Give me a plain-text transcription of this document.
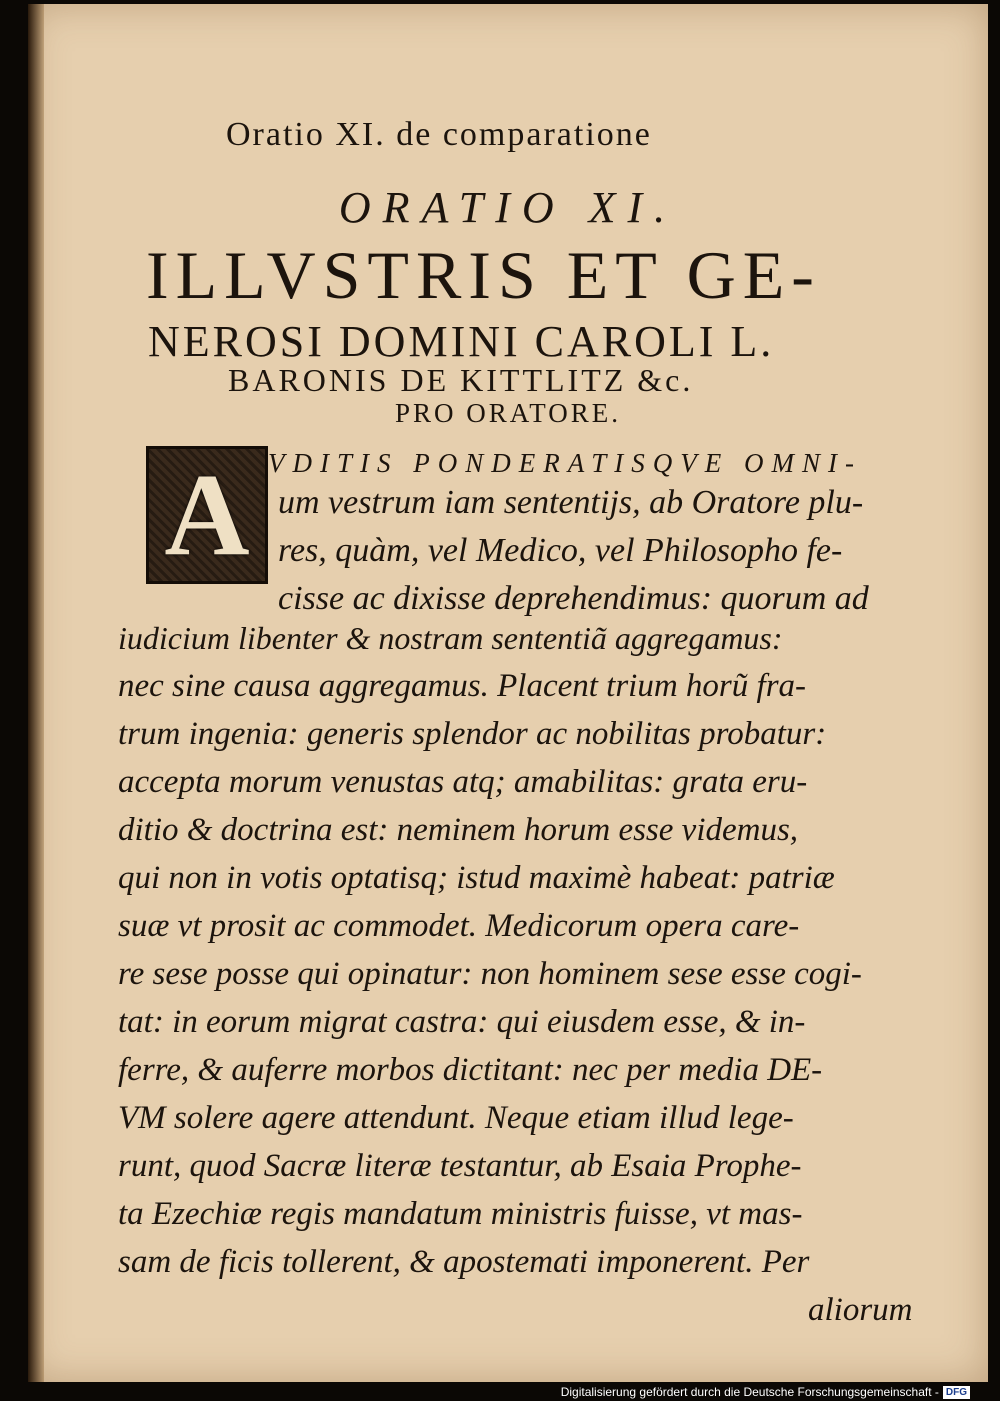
Oratio XI. de comparatione
ORATIO XI.
ILLVSTRIS ET GE-
NEROSI DOMINI CAROLI L.
BARONIS DE KITTLITZ &c.
PRO ORATORE.
A VDITIS PONDERATISQVE OMNI-
um vestrum iam sententijs, ab Oratore plu-
res, quàm, vel Medico, vel Philosopho fe-
cisse ac dixisse deprehendimus: quorum ad
iudicium libenter & nostram sententiã aggregamus:
nec sine causa aggregamus. Placent trium horũ fra-
trum ingenia: generis splendor ac nobilitas probatur:
accepta morum venustas atq; amabilitas: grata eru-
ditio & doctrina est: neminem horum esse videmus,
qui non in votis optatisq; istud maximè habeat: patriæ
suæ vt prosit ac commodet. Medicorum opera care-
re sese posse qui opinatur: non hominem sese esse cogi-
tat: in eorum migrat castra: qui eiusdem esse, & in-
ferre, & auferre morbos dictitant: nec per media DE-
VM solere agere attendunt. Neque etiam illud lege-
runt, quod Sacræ literæ testantur, ab Esaia Prophe-
ta Ezechiæ regis mandatum ministris fuisse, vt mas-
sam de ficis tollerent, & apostemati imponerent. Per
aliorum
Digitalisierung gefördert durch die Deutsche Forschungsgemeinschaft - DFG
